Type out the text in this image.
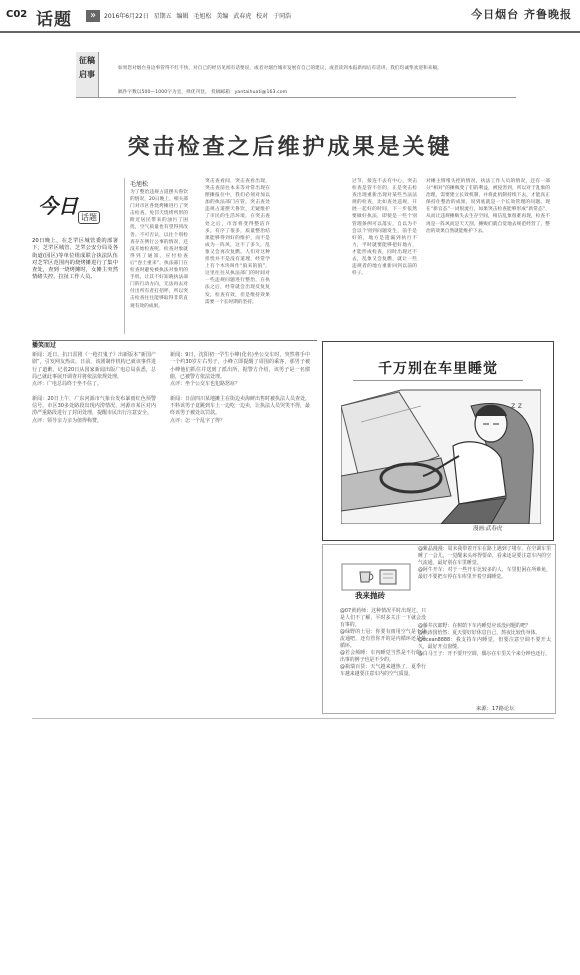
C02 话题	»	2016年6月22日 星期五 编辑 毛旭松 美编 武春虎 校对 于同浩	今日烟台 齐鲁晚报
征稿
启事
如果您对烟台身边事管得不红不快，对自己的经历见闻有话要说，或者对烟台城市发展有自己的建议，或者读到本报新闻后有话讲，我们均诚挚欢迎和来稿。
稿件字数以500—1000字为宜，择优刊登。 投稿邮箱：yantaihuati@163.com
突击检查之后维护成果是关键
今日 话题
20日晚上，在芝罘区城管委的部署下，芝罘区城管、芝罘公安分局及各街道(园区)等单位组成联合执法队伍对芝罘区范围内的烧烤摊进行了集中查处，查到一烧烤摊时，女摊主突然情绪失控，拉扯工作人员。
毛旭松
为了整治违规占道摆夫鲁饮的情况，20日晚上，相关部门对市区各烧烤摊进行了突击检查，免罚天烧烤所形的附近居民带来的油污了困扰，空气质量也有望得到改善。不可否认，以往个别检查存在例行公事的情况，还没开始检查呢，检查对象就得到了通知，应付检查后“卷土重来”，执法部门在检查时避免被执法对象用的手机，让其不好知晓执法部门的行动方向，无法再去对付出所有者打招呼，所以突击检查往往能够取得非常直观有效的成果。
突击查看间，突击查看出现，突击查前往本来等对常出现在摆摊报位中，我们必须对加以加的执法部门应管，突击查处违规占道摆天鲁饮，无疑维护了市民的生活环境，在突击查处之后，市容将变得整洁许多，有序了很多，质量整治结果能够得到好的维护，而不是成为一阵风，这不了多久，乱象又会再次复燃。人们对这种担忧并不是没有道理，经常学上有个木块叫作“狼来的狼”，这里往往从执法部门的时间对一些违规问题进行整治，在执法之后，经常就会出现反复复发，检查有效，但是维持效果需要一个长时期的坚持。
过节，接连不去有中心，突击检查是管不住的，正是突击检查出现重新出现对某些当法法规的检查，比如查处违规，开展一起好的时间，下一步依然要做好执法，即使是一些个别管理条例可以落实，自以为不会以个别到问题发生，前手是好的，地方是遗漏到执行不力，平时就要能够把好地方，才能形成检查，同时出现过不去，乱象又会复燃，就让一些违规者的地方重新回到以前的样子。
对摊主情绪失控的情况，执法工作人员的情况，还有一部分“相对”的摊贩变了们的利益，被侵害到，所以对于乱象的治理，需要建立长效机制，并将此机制持续下去，才能真正保持住整治的成果，说到底就是一个长效管理的问题。现在“新官态”一词很流行，如果突击检查能够形成“新常态”，从而让违规摊贩失去生存空间，相信乱象很难再现，检查不再是一阵风而是天天刮，摊贩们就自觉地去规范经营了，整治的效果自然就能维护下去。
播笑而过
新闻：近日，抗日雷剧《一枪打鬼子》出新版本“新国产剧”，引发网友热议，日前，该剧制作机构已就该事件进行了道歉，记者20日从国家新闻出版广电总局获悉，总局已就此事展开调查并将依法依规处理。
点评：广电总局终于坐不住了。

新闻：20日上午，广东河源市气象台发布暴雨红色预警信号，市区30多处路段出现内涝情况，河源市某区对内涝严重路段进行了封闭处理，提醒市民出行注意安全。
点评：领导亲力亲为值得称赞。
新闻：9日，沈阳初一学生小峰(化名)坐公交车时，突然将手中一个约30岁左右男子，小峰立即提醒了周围的乘客，那男子被小峰他们抓住并送到了派出所，据警方介绍，该男子是一名惯偷，已被警方依法处理。
点评：坐个公交车也犯路怒症？

新闻：日前四川某地摊主在街边卖海鲜出售时被执法人员查处，不料该男子竟跳到车上一边吃一边卖，让执法人员哭笑不得，最终该男子被处以罚款。
点评：怎一个乱字了得？
千万别在车里睡觉
z z
漫画:武春虎
我来抛砖
@07黄药师：这种情况平时出现过，只是人们不了解，平时多关注一下就会没有事的。
@绿野的士冠：你要有雨用空气是不是流通吧，还有管你开的是内循环还是外循环。
@若会频睡：车内睡觉当然是不行的，出事的例子也是不少的。
@瓶瑞百货：天气越来越热了，夏季行车越来越要注意车内的空气质量。
@紫晶漫漫：周末我带着开车在路上遇到了堵车，在空调车里睡了一会儿，一觉醒来头疼得要命，看来还是要注意车内的空气流通。最好别在车里睡觉。
@阿牛开车：对于一些开车比较多的人，车里犯困在所难免，最好不要把车停在车库里开着空调睡觉。
@藤井次郎野：在树荫下车内睡觉应该没问题的吧？
@燕涛国怡然：夏天要好好休息自己，熬夜比较伤身体。
@ocean8888：我支持车内睡觉，但要注意空调不要开太久，最好开点窗缝。
@白马王子：开不要开空调，偶尔在车里关个来分钟也还行。
来源：17路论坛
